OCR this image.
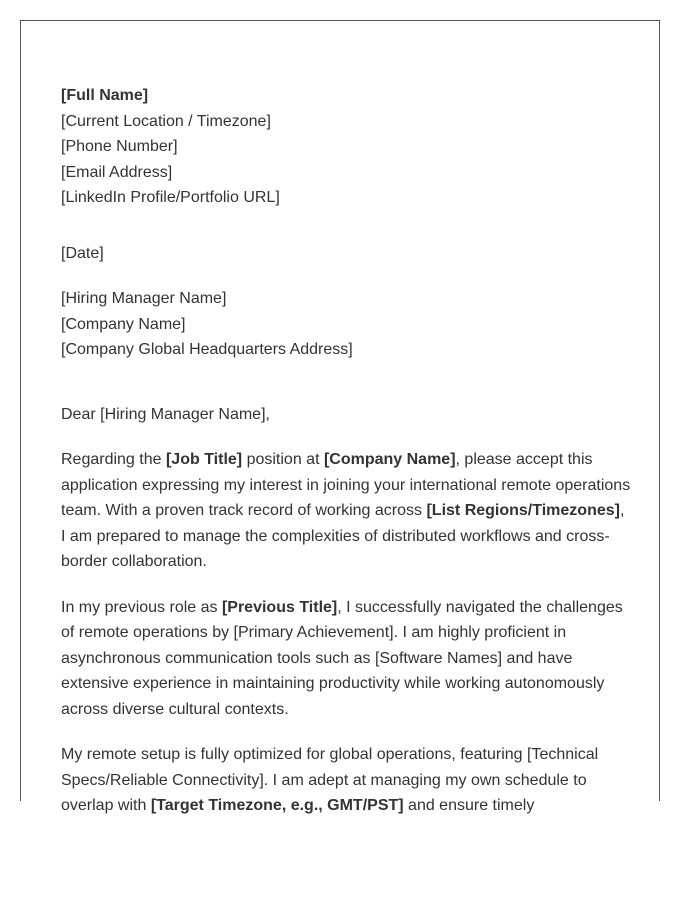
[Full Name]
[Current Location / Timezone]
[Phone Number]
[Email Address]
[LinkedIn Profile/Portfolio URL]
[Date]
[Hiring Manager Name]
[Company Name]
[Company Global Headquarters Address]

Dear [Hiring Manager Name],

Regarding the [Job Title] position at [Company Name], please accept this application expressing my interest in joining your international remote operations team. With a proven track record of working across [List Regions/Timezones], I am prepared to manage the complexities of distributed workflows and cross-border collaboration.

In my previous role as [Previous Title], I successfully navigated the challenges of remote operations by [Primary Achievement]. I am highly proficient in asynchronous communication tools such as [Software Names] and have extensive experience in maintaining productivity while working autonomously across diverse cultural contexts.

My remote setup is fully optimized for global operations, featuring [Technical Specs/Reliable Connectivity]. I am adept at managing my own schedule to overlap with [Target Timezone, e.g., GMT/PST] and ensure timely
